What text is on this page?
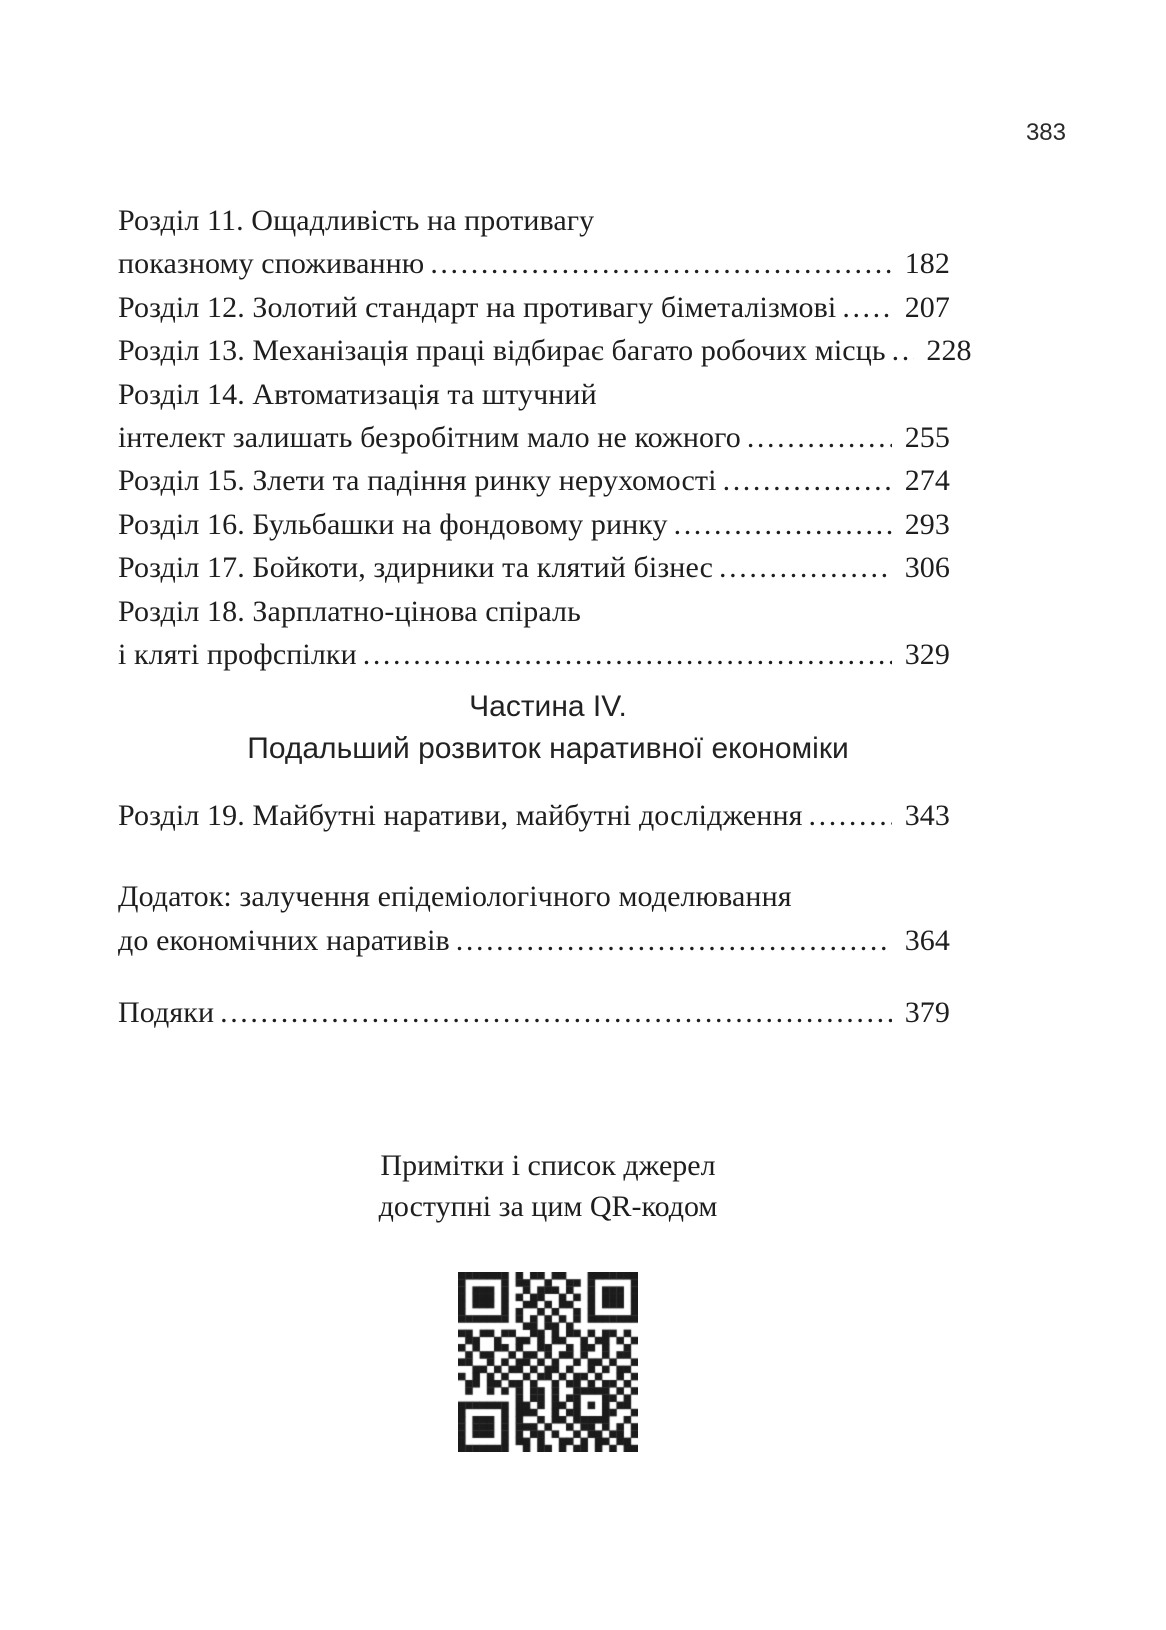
383
Розділ 11. Ощадливість на противагу
показному споживанню .....	182
Розділ 12. Золотий стандарт на противагу біметалізмові ..... 207
Розділ 13. Механізація праці відбирає багато робочих місць ..... 228
Розділ 14. Автоматизація та штучний
інтелект залишать безробітним мало не кожного .....	255
Розділ 15. Злети та падіння ринку нерухомості .....	274
Розділ 16. Бульбашки на фондовому ринку .....	293
Розділ 17. Бойкоти, здирники та клятий бізнес .....	306
Розділ 18. Зарплатно-цінова спіраль
і кляті профспілки .....	329
Частина IV.
Подальший розвиток наративної економіки
Розділ 19. Майбутні наративи, майбутні дослідження .....	343
Додаток: залучення епідеміологічного моделювання
до економічних наративів .....	364
Подяки .....	379
Примітки і список джерел
доступні за цим QR-кодом
